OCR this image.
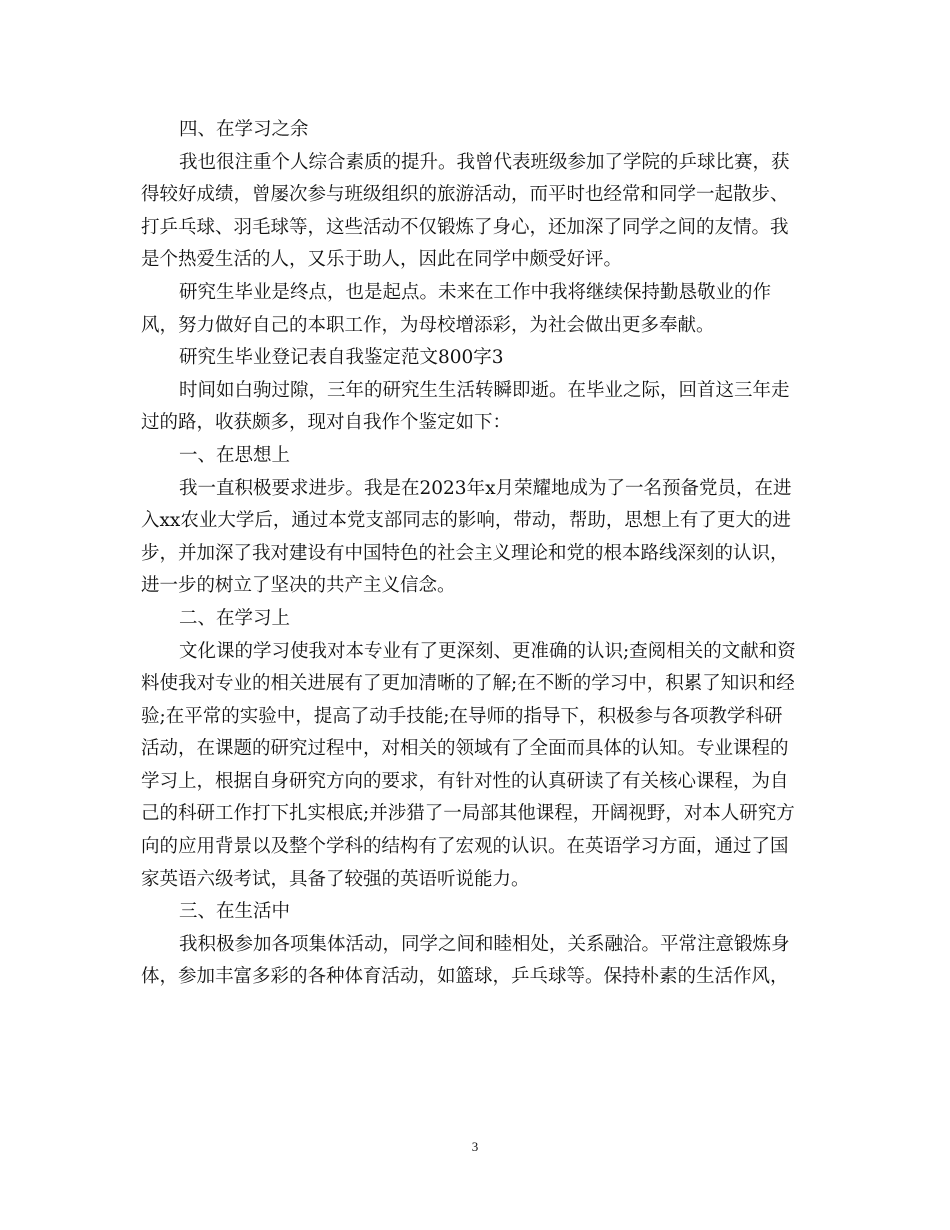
四、在学习之余
我也很注重个人综合素质的提升。我曾代表班级参加了学院的乒球比赛，获
得较好成绩，曾屡次参与班级组织的旅游活动，而平时也经常和同学一起散步、
打乒乓球、羽毛球等，这些活动不仅锻炼了身心，还加深了同学之间的友情。我
是个热爱生活的人，又乐于助人，因此在同学中颇受好评。
研究生毕业是终点，也是起点。未来在工作中我将继续保持勤恳敬业的作
风，努力做好自己的本职工作，为母校增添彩，为社会做出更多奉献。
研究生毕业登记表自我鉴定范文800字3
时间如白驹过隙，三年的研究生生活转瞬即逝。在毕业之际，回首这三年走
过的路，收获颇多，现对自我作个鉴定如下：
一、在思想上
我一直积极要求进步。我是在2023年x月荣耀地成为了一名预备党员，在进
入xx农业大学后，通过本党支部同志的影响，带动，帮助，思想上有了更大的进
步，并加深了我对建设有中国特色的社会主义理论和党的根本路线深刻的认识，
进一步的树立了坚决的共产主义信念。
二、在学习上
文化课的学习使我对本专业有了更深刻、更准确的认识;查阅相关的文献和资
料使我对专业的相关进展有了更加清晰的了解;在不断的学习中，积累了知识和经
验;在平常的实验中，提高了动手技能;在导师的指导下，积极参与各项教学科研
活动，在课题的研究过程中，对相关的领域有了全面而具体的认知。专业课程的
学习上，根据自身研究方向的要求，有针对性的认真研读了有关核心课程，为自
己的科研工作打下扎实根底;并涉猎了一局部其他课程，开阔视野，对本人研究方
向的应用背景以及整个学科的结构有了宏观的认识。在英语学习方面，通过了国
家英语六级考试，具备了较强的英语听说能力。
三、在生活中
我积极参加各项集体活动，同学之间和睦相处，关系融洽。平常注意锻炼身
体，参加丰富多彩的各种体育活动，如篮球，乒乓球等。保持朴素的生活作风，
3
